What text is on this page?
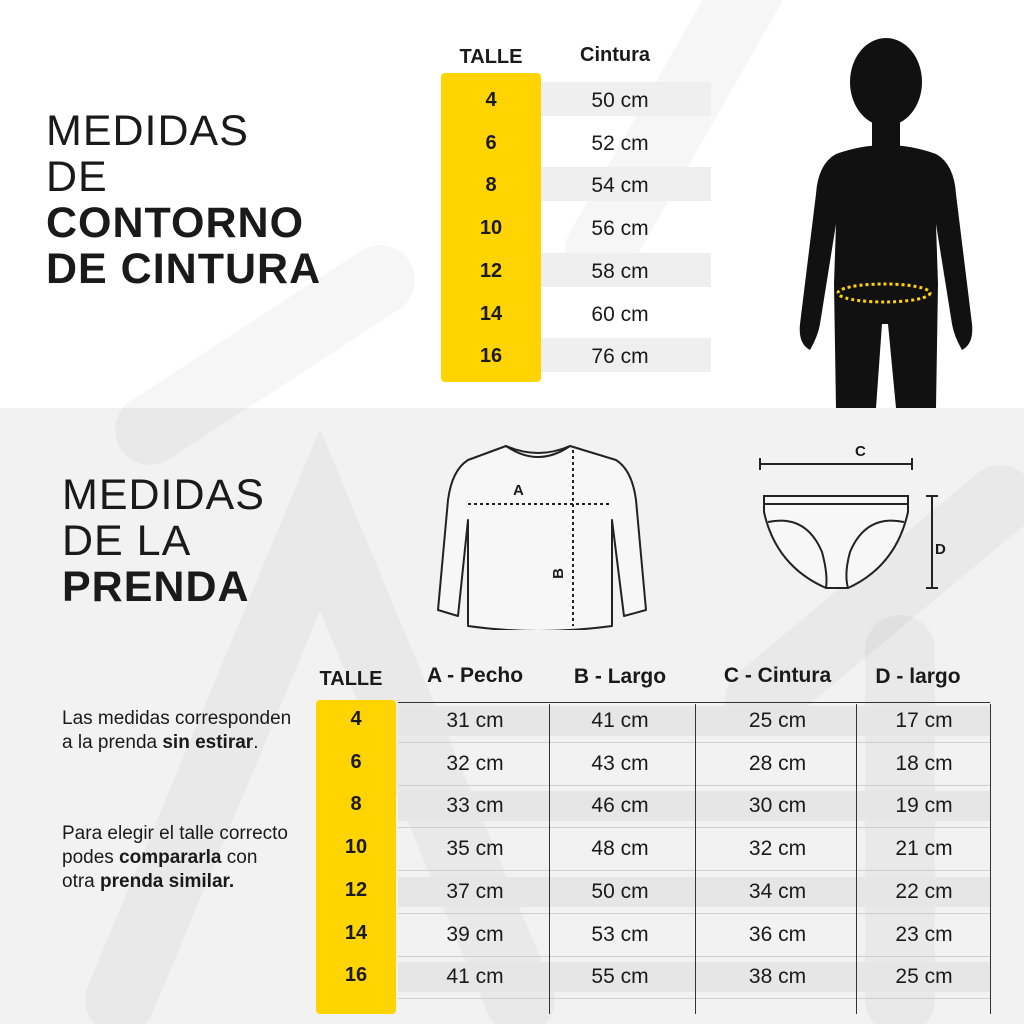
MEDIDAS
DE
CONTORNO
DE CINTURA
TALLE	Cintura
4	50 cm
6	52 cm
8	54 cm
10	56 cm
12	58 cm
14	60 cm
16	76 cm
MEDIDAS
DE LA
PRENDA
A
B
C
D
TALLE	A - Pecho	B - Largo	C - Cintura	D - largo
4	31 cm	41 cm	25 cm	17 cm
6	32 cm	43 cm	28 cm	18 cm
8	33 cm	46 cm	30 cm	19 cm
10	35 cm	48 cm	32 cm	21 cm
12	37 cm	50 cm	34 cm	22 cm
14	39 cm	53 cm	36 cm	23 cm
16	41 cm	55 cm	38 cm	25 cm
Las medidas corresponden a la prenda sin estirar.
Para elegir el talle correcto podes compararla con otra prenda similar.
